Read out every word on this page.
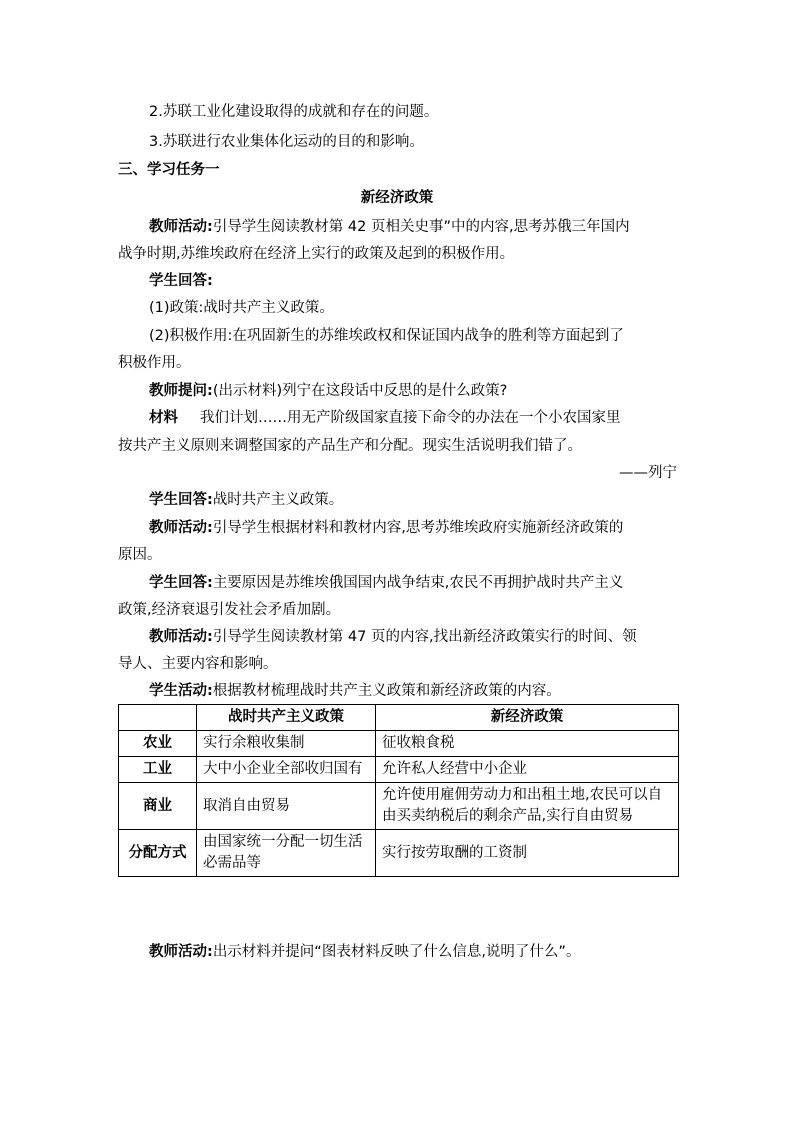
2.苏联工业化建设取得的成就和存在的问题。
3.苏联进行农业集体化运动的目的和影响。
三、学习任务一
新经济政策
教师活动:引导学生阅读教材第 42 页相关史事”中的内容,思考苏俄三年国内
战争时期,苏维埃政府在经济上实行的政策及起到的积极作用。
学生回答:
(1)政策:战时共产主义政策。
(2)积极作用:在巩固新生的苏维埃政权和保证国内战争的胜利等方面起到了
积极作用。
教师提问:(出示材料)列宁在这段话中反思的是什么政策?
材料 我们计划……用无产阶级国家直接下命令的办法在一个小农国家里
按共产主义原则来调整国家的产品生产和分配。现实生活说明我们错了。
——列宁
学生回答:战时共产主义政策。
教师活动:引导学生根据材料和教材内容,思考苏维埃政府实施新经济政策的
原因。
学生回答:主要原因是苏维埃俄国国内战争结束,农民不再拥护战时共产主义
政策,经济衰退引发社会矛盾加剧。
教师活动:引导学生阅读教材第 47 页的内容,找出新经济政策实行的时间、领
导人、主要内容和影响。
学生活动:根据教材梳理战时共产主义政策和新经济政策的内容。
	战时共产主义政策	新经济政策
农业	实行余粮收集制	征收粮食税
工业	大中小企业全部收归国有	允许私人经营中小企业
商业	取消自由贸易	允许使用雇佣劳动力和出租土地,农民可以自由买卖纳税后的剩余产品,实行自由贸易
分配方式	由国家统一分配一切生活必需品等	实行按劳取酬的工资制
教师活动:出示材料并提问“图表材料反映了什么信息,说明了什么”。
